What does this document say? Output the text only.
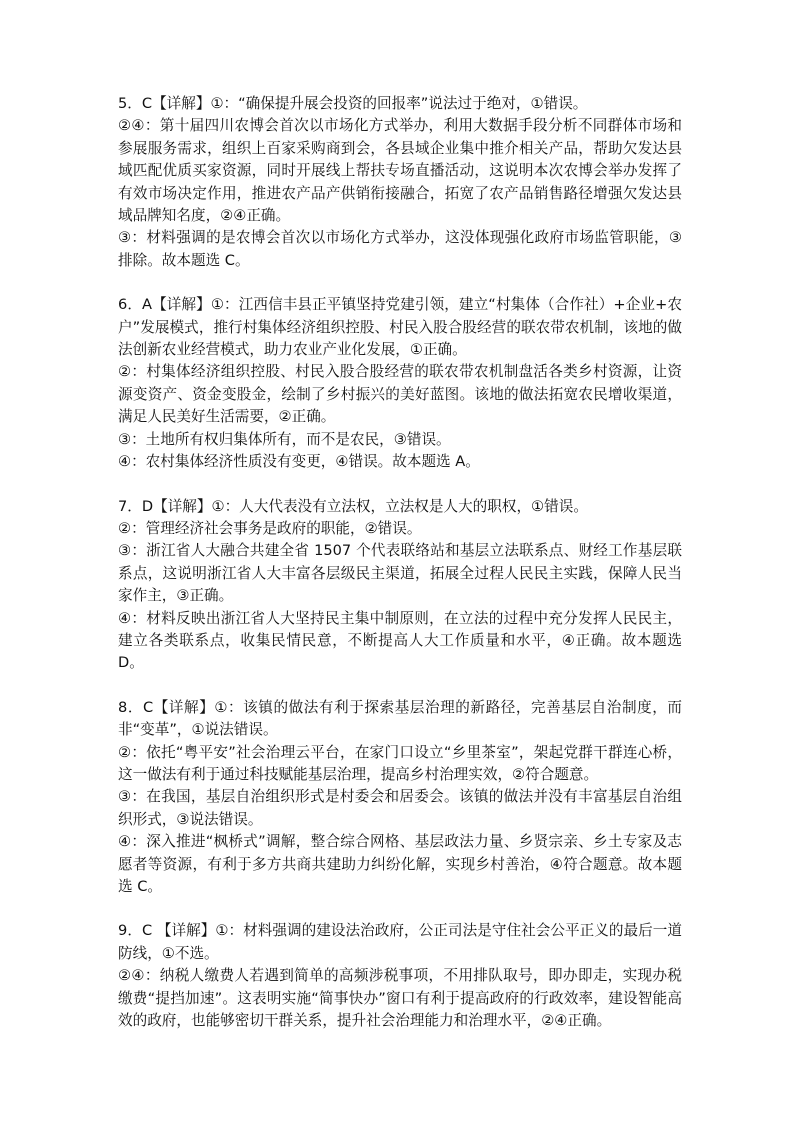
5．C【详解】①：“确保提升展会投资的回报率”说法过于绝对，①错误。

②④：第十届四川农博会首次以市场化方式举办，利用大数据手段分析不同群体市场和参展服务需求，组织上百家采购商到会，各县域企业集中推介相关产品，帮助欠发达县域匹配优质买家资源，同时开展线上帮扶专场直播活动，这说明本次农博会举办发挥了有效市场决定作用，推进农产品产供销衔接融合，拓宽了农产品销售路径增强欠发达县域品牌知名度，②④正确。

③：材料强调的是农博会首次以市场化方式举办，这没体现强化政府市场监管职能，③排除。故本题选 C。

6．A【详解】①：江西信丰县正平镇坚持党建引领，建立“村集体（合作社）+企业+农户”发展模式，推行村集体经济组织控股、村民入股合股经营的联农带农机制，该地的做法创新农业经营模式，助力农业产业化发展，①正确。

②：村集体经济组织控股、村民入股合股经营的联农带农机制盘活各类乡村资源，让资源变资产、资金变股金，绘制了乡村振兴的美好蓝图。该地的做法拓宽农民增收渠道，满足人民美好生活需要，②正确。

③：土地所有权归集体所有，而不是农民，③错误。

④：农村集体经济性质没有变更，④错误。故本题选 A。

7．D【详解】①：人大代表没有立法权，立法权是人大的职权，①错误。

②：管理经济社会事务是政府的职能，②错误。

③：浙江省人大融合共建全省 1507 个代表联络站和基层立法联系点、财经工作基层联系点，这说明浙江省人大丰富各层级民主渠道，拓展全过程人民民主实践，保障人民当家作主，③正确。

④：材料反映出浙江省人大坚持民主集中制原则，在立法的过程中充分发挥人民民主，建立各类联系点，收集民情民意，不断提高人大工作质量和水平，④正确。故本题选 D。

8．C【详解】①：该镇的做法有利于探索基层治理的新路径，完善基层自治制度，而非“变革”，①说法错误。

②：依托“粤平安”社会治理云平台，在家门口设立“乡里茶室”，架起党群干群连心桥，这一做法有利于通过科技赋能基层治理，提高乡村治理实效，②符合题意。

③：在我国，基层自治组织形式是村委会和居委会。该镇的做法并没有丰富基层自治组织形式，③说法错误。

④：深入推进“枫桥式”调解，整合综合网格、基层政法力量、乡贤宗亲、乡土专家及志愿者等资源，有利于多方共商共建助力纠纷化解，实现乡村善治，④符合题意。故本题选 C。

9．C 【详解】①：材料强调的建设法治政府，公正司法是守住社会公平正义的最后一道防线，①不选。

②④：纳税人缴费人若遇到简单的高频涉税事项，不用排队取号，即办即走，实现办税缴费“提挡加速”。这表明实施“简事快办”窗口有利于提高政府的行政效率，建设智能高效的政府，也能够密切干群关系，提升社会治理能力和治理水平，②④正确。
